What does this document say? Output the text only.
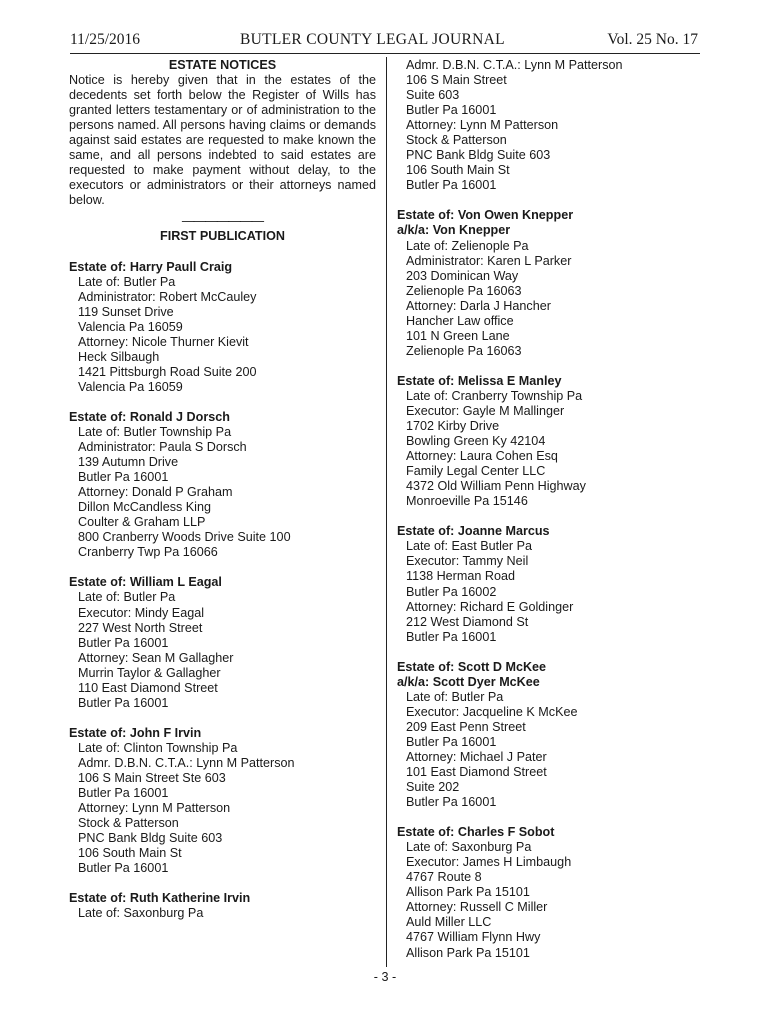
11/25/2016	BUTLER COUNTY LEGAL JOURNAL	Vol. 25 No. 17
ESTATE NOTICES

Notice is hereby given that in the estates of the decedents set forth below the Register of Wills has granted letters testamentary or of administration to the persons named. All persons having claims or demands against said estates are requested to make known the same, and all persons indebted to said estates are requested to make payment without delay, to the executors or administrators or their attorneys named below.

———————
FIRST PUBLICATION
Estate of: Harry Paull Craig
Late of: Butler Pa
Administrator: Robert McCauley
119 Sunset Drive
Valencia Pa 16059
Attorney: Nicole Thurner Kievit
Heck Silbaugh
1421 Pittsburgh Road Suite 200
Valencia Pa 16059
Estate of: Ronald J Dorsch
Late of: Butler Township Pa
Administrator: Paula S Dorsch
139 Autumn Drive
Butler Pa 16001
Attorney: Donald P Graham
Dillon McCandless King
Coulter & Graham LLP
800 Cranberry Woods Drive Suite 100
Cranberry Twp Pa 16066
Estate of: William L Eagal
Late of: Butler Pa
Executor: Mindy Eagal
227 West North Street
Butler Pa 16001
Attorney: Sean M Gallagher
Murrin Taylor & Gallagher
110 East Diamond Street
Butler Pa 16001
Estate of: John F Irvin
Late of: Clinton Township Pa
Admr. D.B.N. C.T.A.: Lynn M Patterson
106 S Main Street Ste 603
Butler Pa 16001
Attorney: Lynn M Patterson
Stock & Patterson
PNC Bank Bldg Suite 603
106 South Main St
Butler Pa 16001
Estate of: Ruth Katherine Irvin
Late of: Saxonburg Pa
Admr. D.B.N. C.T.A.: Lynn M Patterson
106 S Main Street
Suite 603
Butler Pa 16001
Attorney: Lynn M Patterson
Stock & Patterson
PNC Bank Bldg Suite 603
106 South Main St
Butler Pa 16001
Estate of: Von Owen Knepper
a/k/a: Von Knepper
Late of: Zelienople Pa
Administrator: Karen L Parker
203 Dominican Way
Zelienople Pa 16063
Attorney: Darla J Hancher
Hancher Law office
101 N Green Lane
Zelienople Pa 16063
Estate of: Melissa E Manley
Late of: Cranberry Township Pa
Executor: Gayle M Mallinger
1702 Kirby Drive
Bowling Green Ky 42104
Attorney: Laura Cohen Esq
Family Legal Center LLC
4372 Old William Penn Highway
Monroeville Pa 15146
Estate of: Joanne Marcus
Late of: East Butler Pa
Executor: Tammy Neil
1138 Herman Road
Butler Pa 16002
Attorney: Richard E Goldinger
212 West Diamond St
Butler Pa 16001
Estate of: Scott D McKee
a/k/a: Scott Dyer McKee
Late of: Butler Pa
Executor: Jacqueline K McKee
209 East Penn Street
Butler Pa 16001
Attorney: Michael J Pater
101 East Diamond Street
Suite 202
Butler Pa 16001
Estate of: Charles F Sobot
Late of: Saxonburg Pa
Executor: James H Limbaugh
4767 Route 8
Allison Park Pa 15101
Attorney: Russell C Miller
Auld Miller LLC
4767 William Flynn Hwy
Allison Park Pa 15101
- 3 -
